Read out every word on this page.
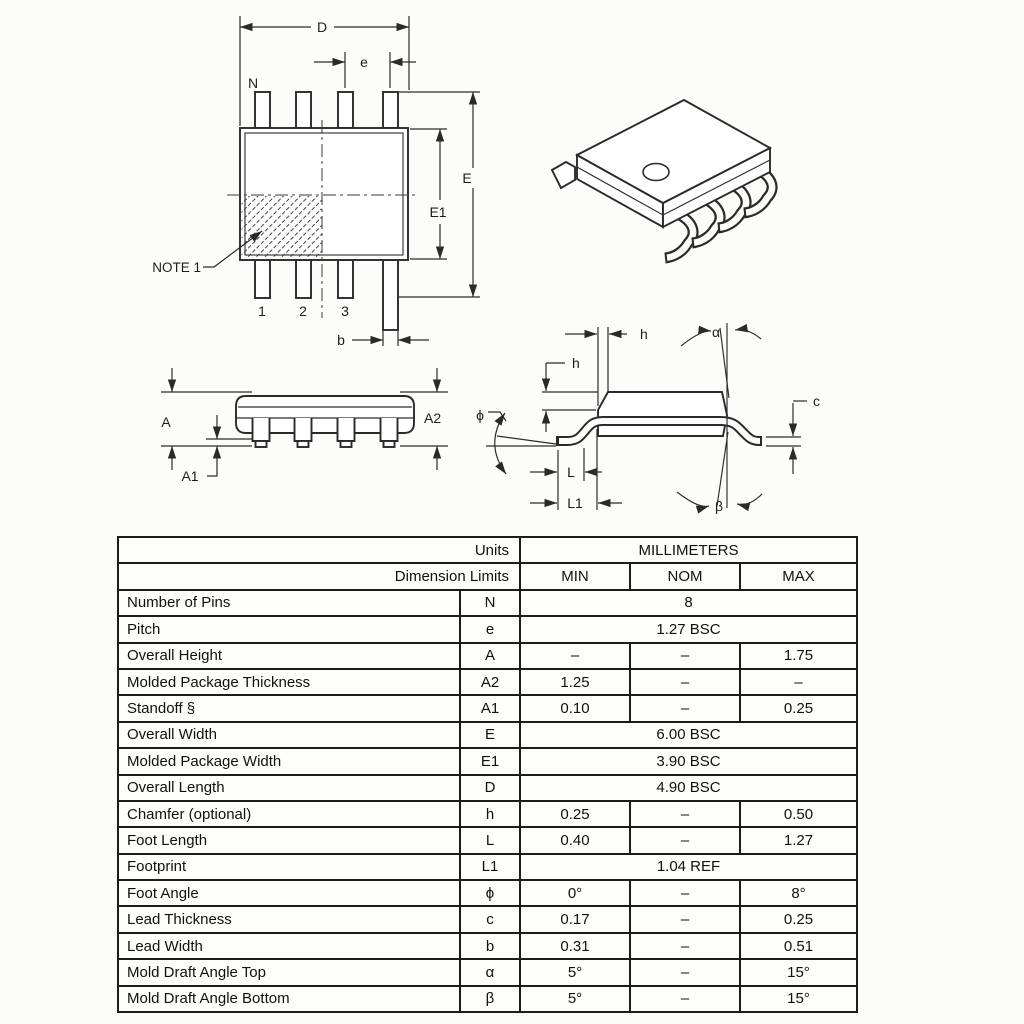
D
e
N
E
E1
NOTE 1
1 2 3
b
A
A1
A2
h
h
α
β
ϕ
c
L
L1
Units		MILLIMETERS		
Dimension Limits		MIN	NOM	MAX
Number of Pins	N	8		
Pitch	e	1.27 BSC		
Overall Height	A	–	–	1.75
Molded Package Thickness	A2	1.25	–	–
Standoff §	A1	0.10	–	0.25
Overall Width	E	6.00 BSC		
Molded Package Width	E1	3.90 BSC		
Overall Length	D	4.90 BSC		
Chamfer (optional)	h	0.25	–	0.50
Foot Length	L	0.40	–	1.27
Footprint	L1	1.04 REF		
Foot Angle	ϕ	0°	–	8°
Lead Thickness	c	0.17	–	0.25
Lead Width	b	0.31	–	0.51
Mold Draft Angle Top	α	5°	–	15°
Mold Draft Angle Bottom	β	5°	–	15°
